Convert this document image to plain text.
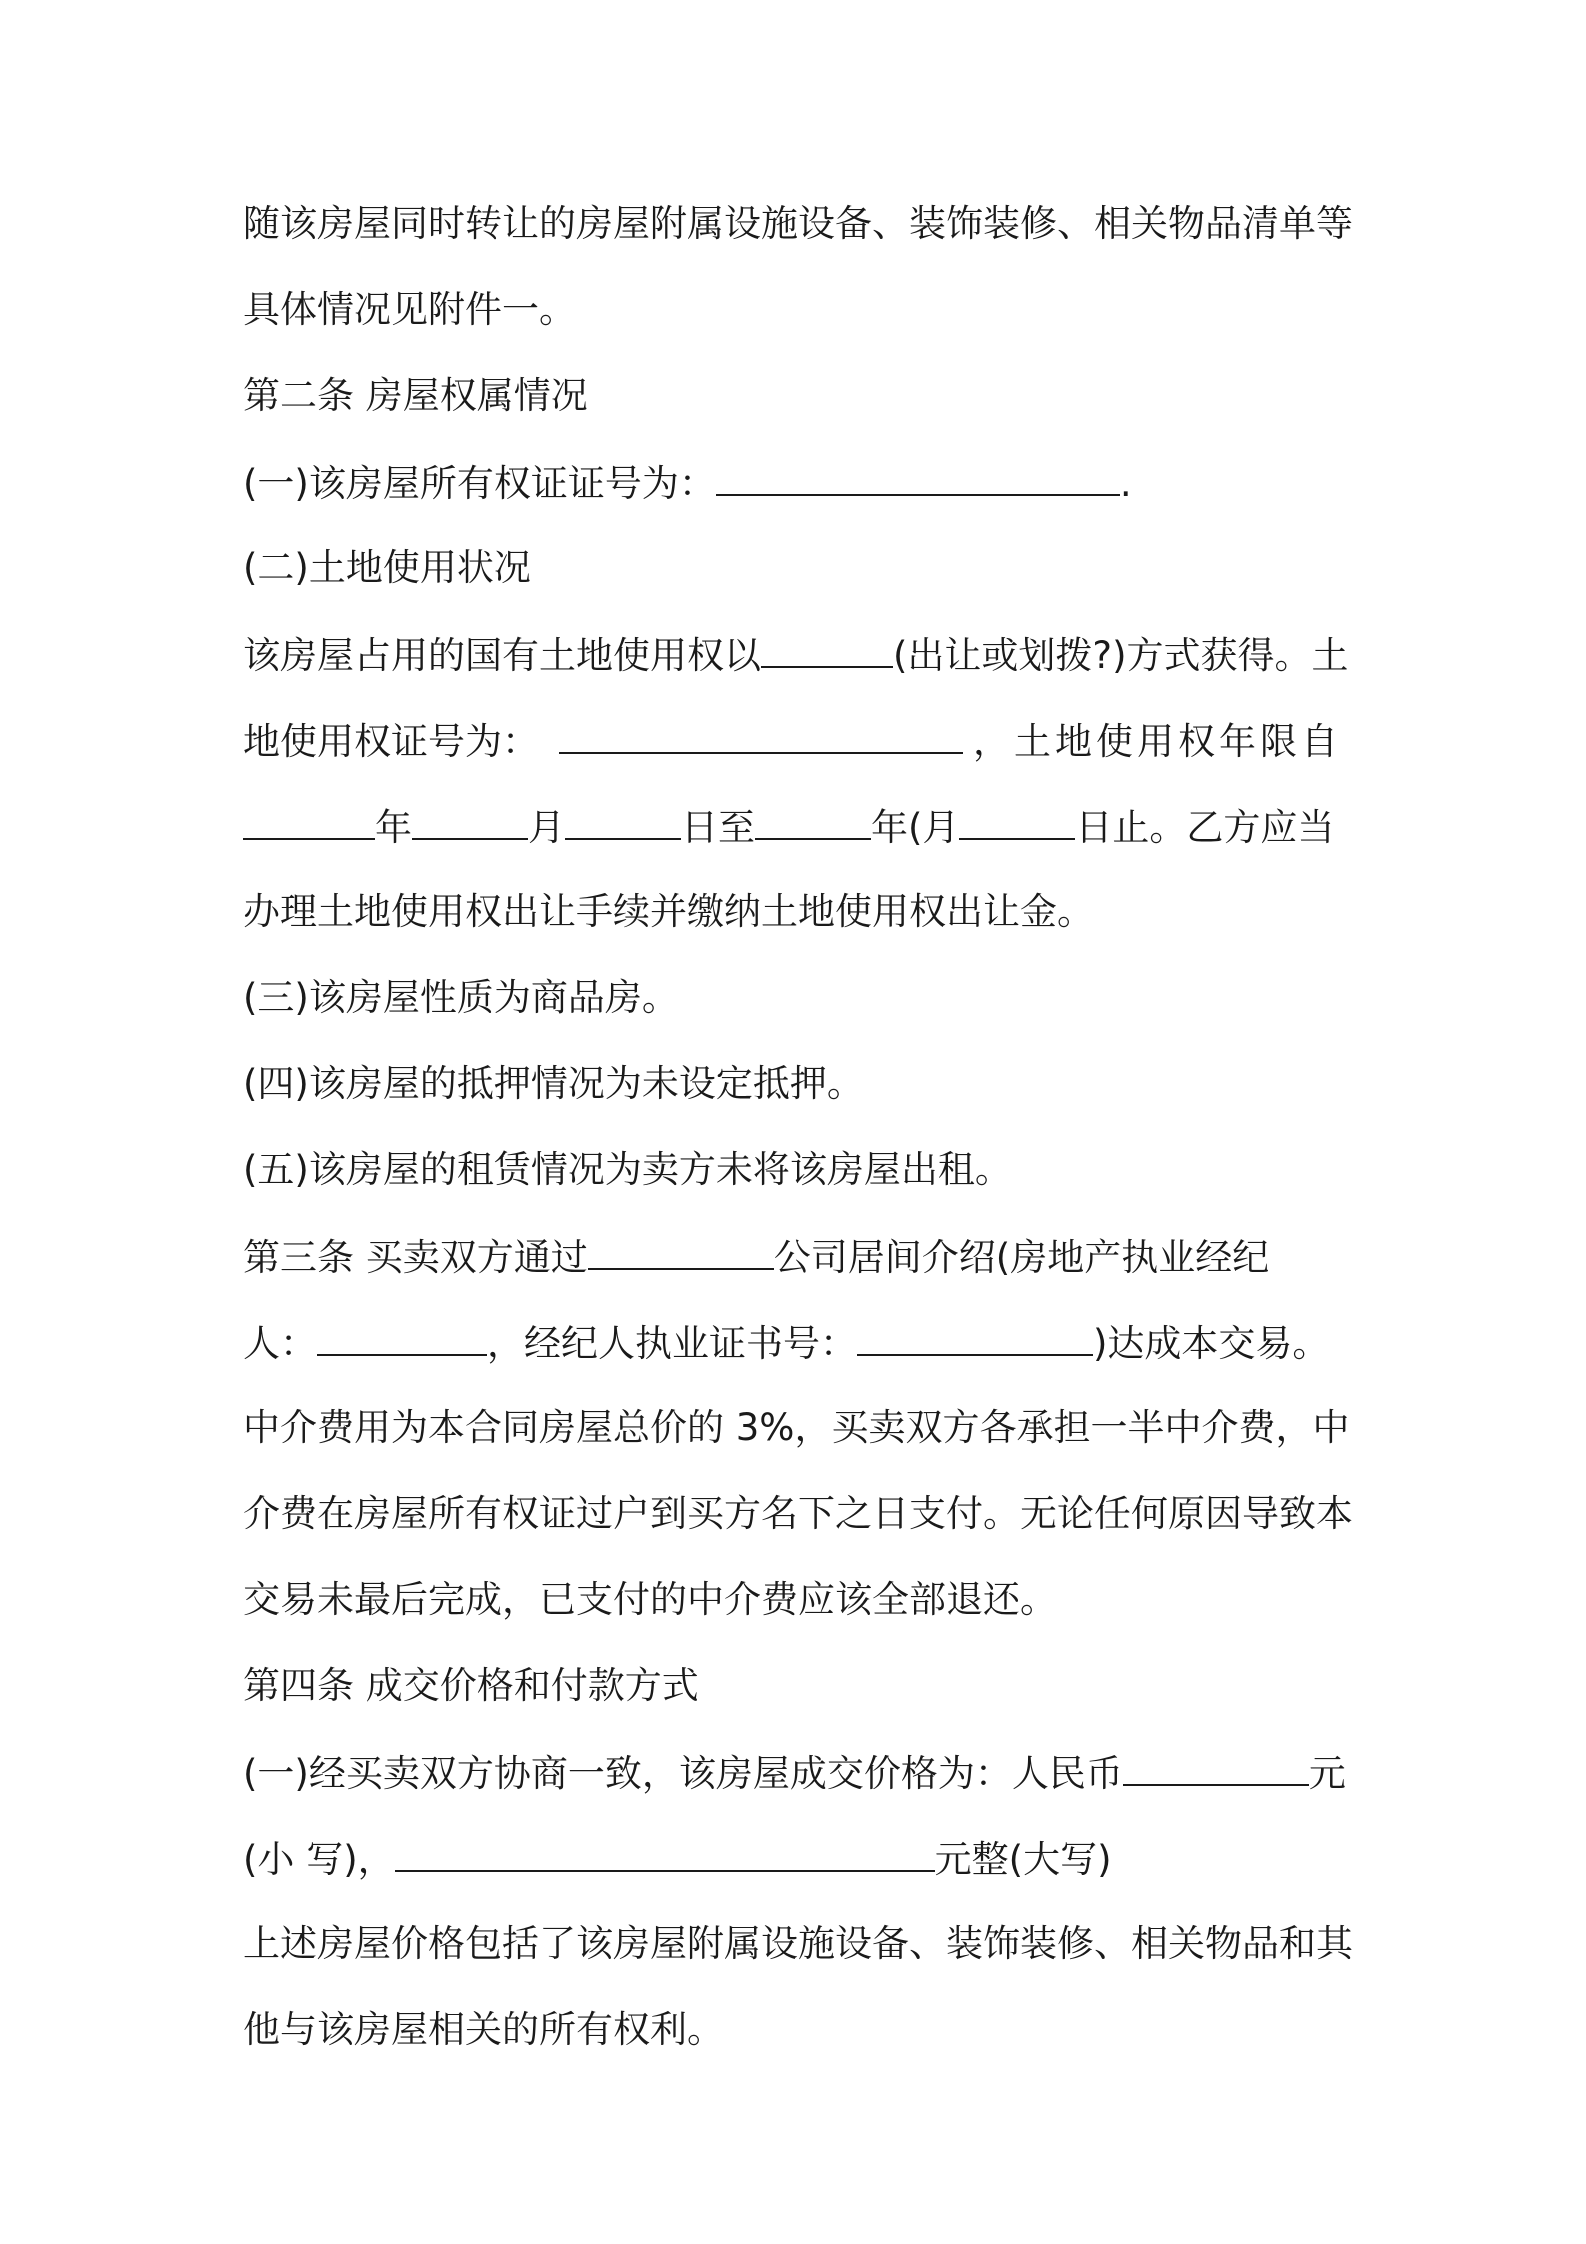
随该房屋同时转让的房屋附属设施设备、装饰装修、相关物品清单等
具体情况见附件一。
第二条 房屋权属情况
(一)该房屋所有权证证号为：	.
(二)土地使用状况
该房屋占用的国有土地使用权以	(出让或划拨?)方式获得。土
地使用权证号为：	，土地使用权年限自
年	月	日至	年(月	日止。乙方应当
办理土地使用权出让手续并缴纳土地使用权出让金。
(三)该房屋性质为商品房。
(四)该房屋的抵押情况为未设定抵押。
(五)该房屋的租赁情况为卖方未将该房屋出租。
第三条 买卖双方通过	公司居间介绍(房地产执业经纪
人：	，经纪人执业证书号：	)达成本交易。
中介费用为本合同房屋总价的 3%，买卖双方各承担一半中介费，中
介费在房屋所有权证过户到买方名下之日支付。无论任何原因导致本
交易未最后完成，已支付的中介费应该全部退还。
第四条 成交价格和付款方式
(一)经买卖双方协商一致，该房屋成交价格为：人民币	元
(小 写)，	元整(大写)
上述房屋价格包括了该房屋附属设施设备、装饰装修、相关物品和其
他与该房屋相关的所有权利。
